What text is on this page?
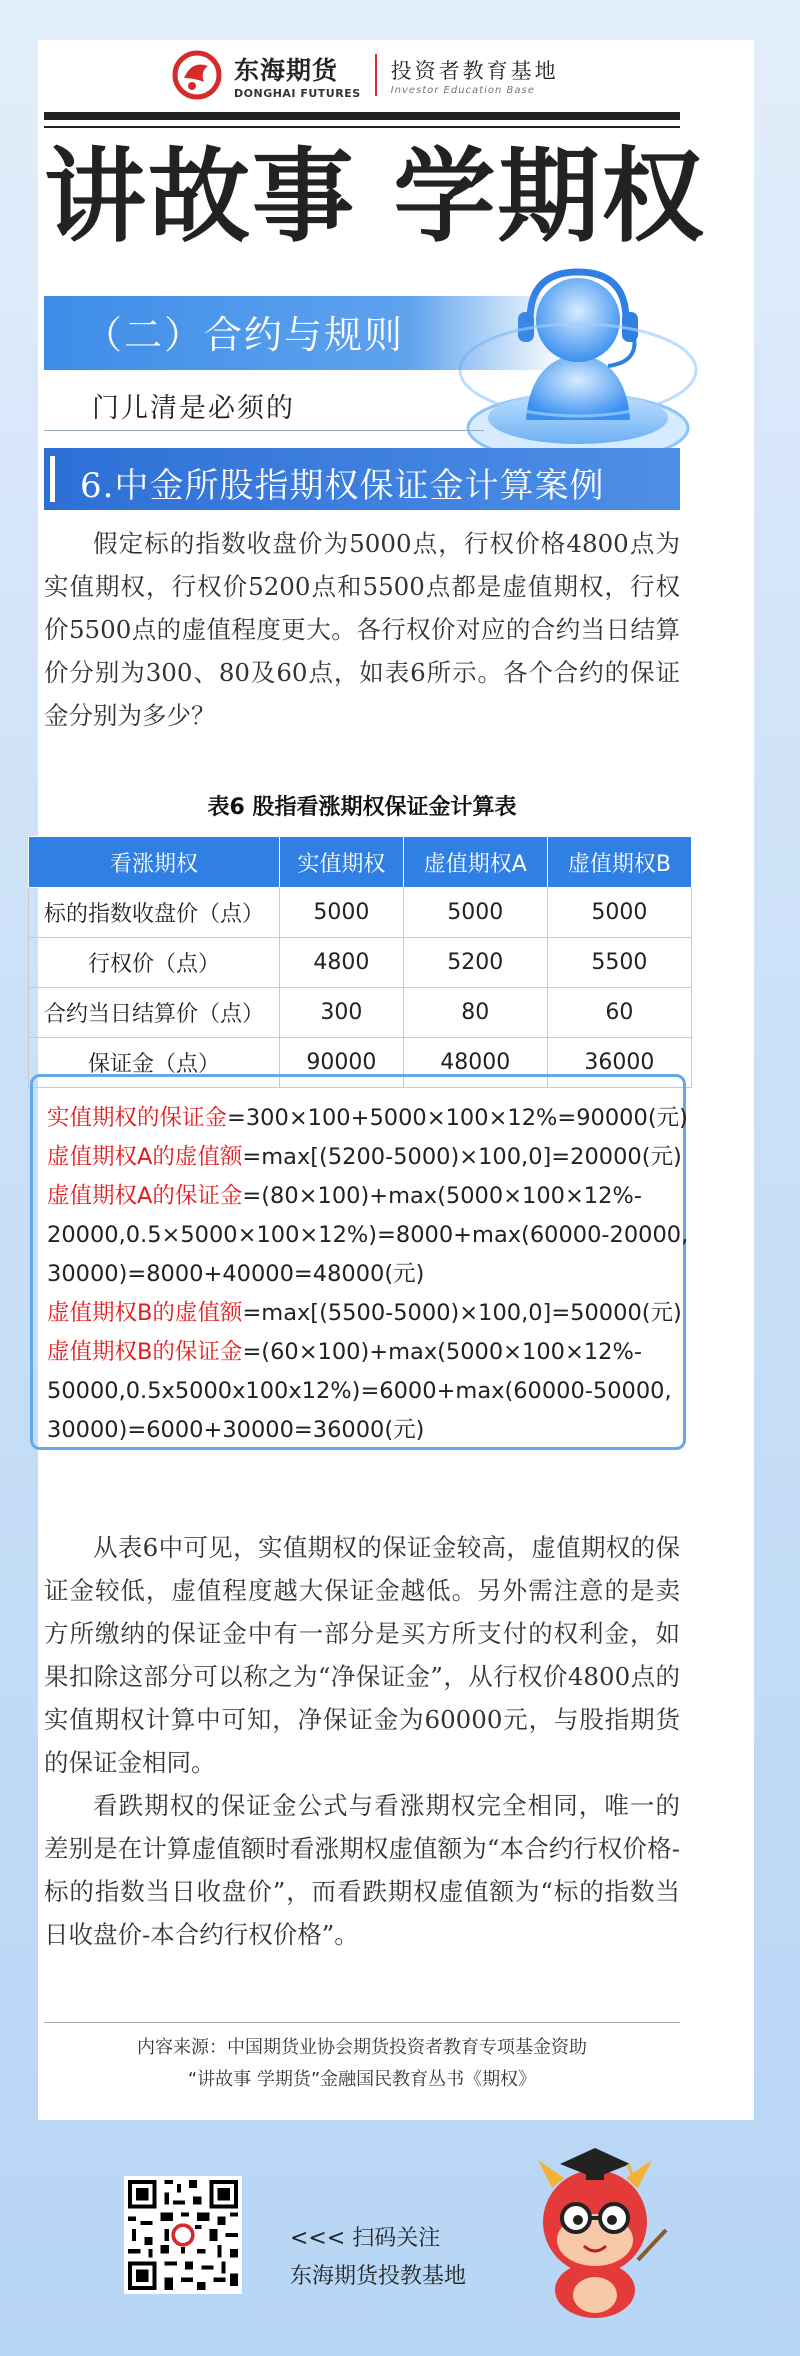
东海期货
DONGHAI FUTURES
投资者教育基地
Investor Education Base
讲故事 学期权
（二）合约与规则
门儿清是必须的
6.中金所股指期权保证金计算案例

假定标的指数收盘价为5000点，行权价格4800点为实值期权，行权价5200点和5500点都是虚值期权，行权价5500点的虚值程度更大。各行权价对应的合约当日结算价分别为300、80及60点，如表6所示。各个合约的保证金分别为多少？

表6 股指看涨期权保证金计算表
看涨期权	实值期权	虚值期权A	虚值期权B
标的指数收盘价（点）	5000	5000	5000
行权价（点）	4800	5200	5500
合约当日结算价（点）	300	80	60
保证金（点）	90000	48000	36000
实值期权的保证金=300×100+5000×100×12%=90000(元)
虚值期权A的虚值额=max[(5200-5000)×100,0]=20000(元)
虚值期权A的保证金=(80×100)+max(5000×100×12%-
20000,0.5×5000×100×12%)=8000+max(60000-20000,
30000)=8000+40000=48000(元)
虚值期权B的虚值额=max[(5500-5000)×100,0]=50000(元)
虚值期权B的保证金=(60×100)+max(5000×100×12%-
50000,0.5x5000x100x12%)=6000+max(60000-50000,
30000)=6000+30000=36000(元)

从表6中可见，实值期权的保证金较高，虚值期权的保证金较低，虚值程度越大保证金越低。另外需注意的是卖方所缴纳的保证金中有一部分是买方所支付的权利金，如果扣除这部分可以称之为“净保证金”，从行权价4800点的实值期权计算中可知，净保证金为60000元，与股指期货的保证金相同。

看跌期权的保证金公式与看涨期权完全相同，唯一的差别是在计算虚值额时看涨期权虚值额为“本合约行权价格-标的指数当日收盘价”，而看跌期权虚值额为“标的指数当日收盘价-本合约行权价格”。

内容来源：中国期货业协会期货投资者教育专项基金资助
“讲故事 学期货”金融国民教育丛书《期权》
<<< 扫码关注
东海期货投教基地
